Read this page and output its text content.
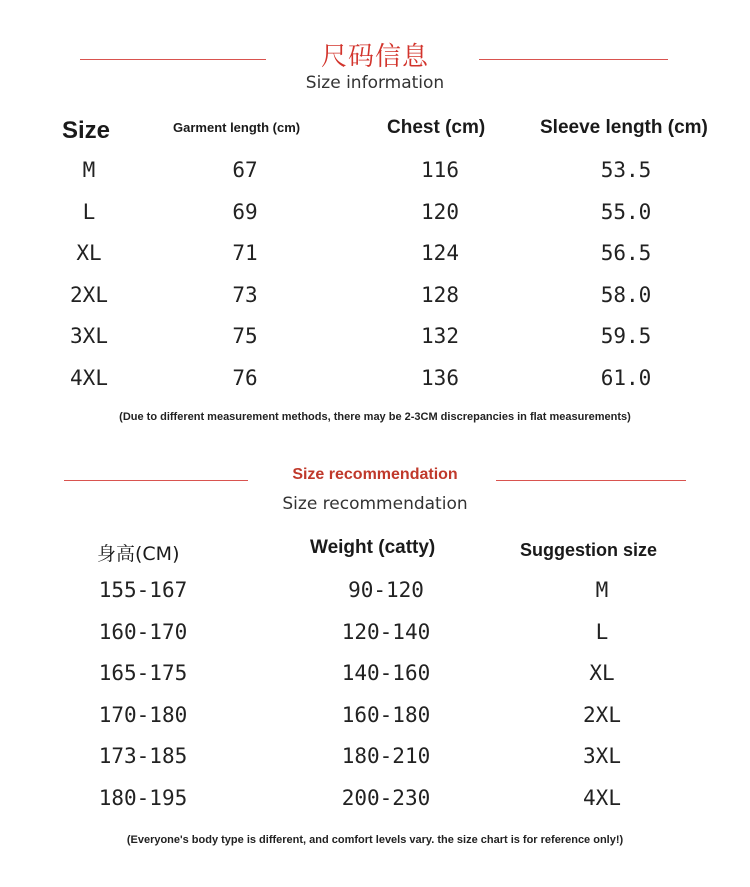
尺码信息
Size information
Size	Garment length (cm)	Chest (cm)	Sleeve length (cm)
M	67	116	53.5
L	69	120	55.0
XL	71	124	56.5
2XL	73	128	58.0
3XL	75	132	59.5
4XL	76	136	61.0
(Due to different measurement methods, there may be 2-3CM discrepancies in flat measurements)
Size recommendation
Size recommendation
身高(CM)	Weight (catty)	Suggestion size
155-167	90-120	M
160-170	120-140	L
165-175	140-160	XL
170-180	160-180	2XL
173-185	180-210	3XL
180-195	200-230	4XL
(Everyone's body type is different, and comfort levels vary. the size chart is for reference only!)
